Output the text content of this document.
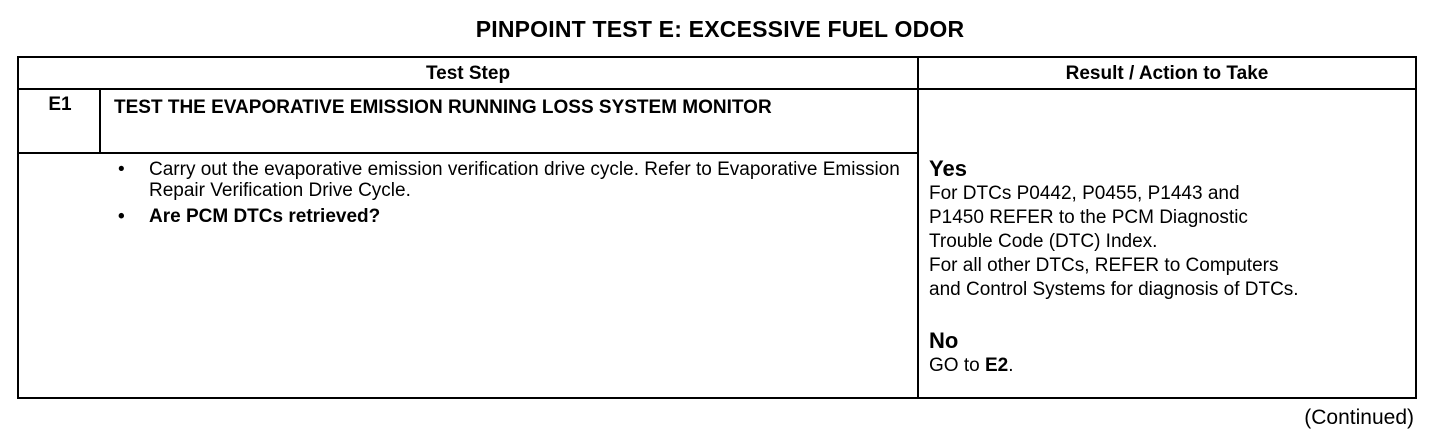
PINPOINT TEST E: EXCESSIVE FUEL ODOR
Test Step	Result / Action to Take
E1	TEST THE EVAPORATIVE EMISSION RUNNING LOSS SYSTEM MONITOR
• Carry out the evaporative emission verification drive cycle. Refer to Evaporative Emission Repair Verification Drive Cycle.
• Are PCM DTCs retrieved?
Yes
For DTCs P0442, P0455, P1443 and
P1450 REFER to the PCM Diagnostic
Trouble Code (DTC) Index.
For all other DTCs, REFER to Computers
and Control Systems for diagnosis of DTCs.
No
GO to E2.
(Continued)
